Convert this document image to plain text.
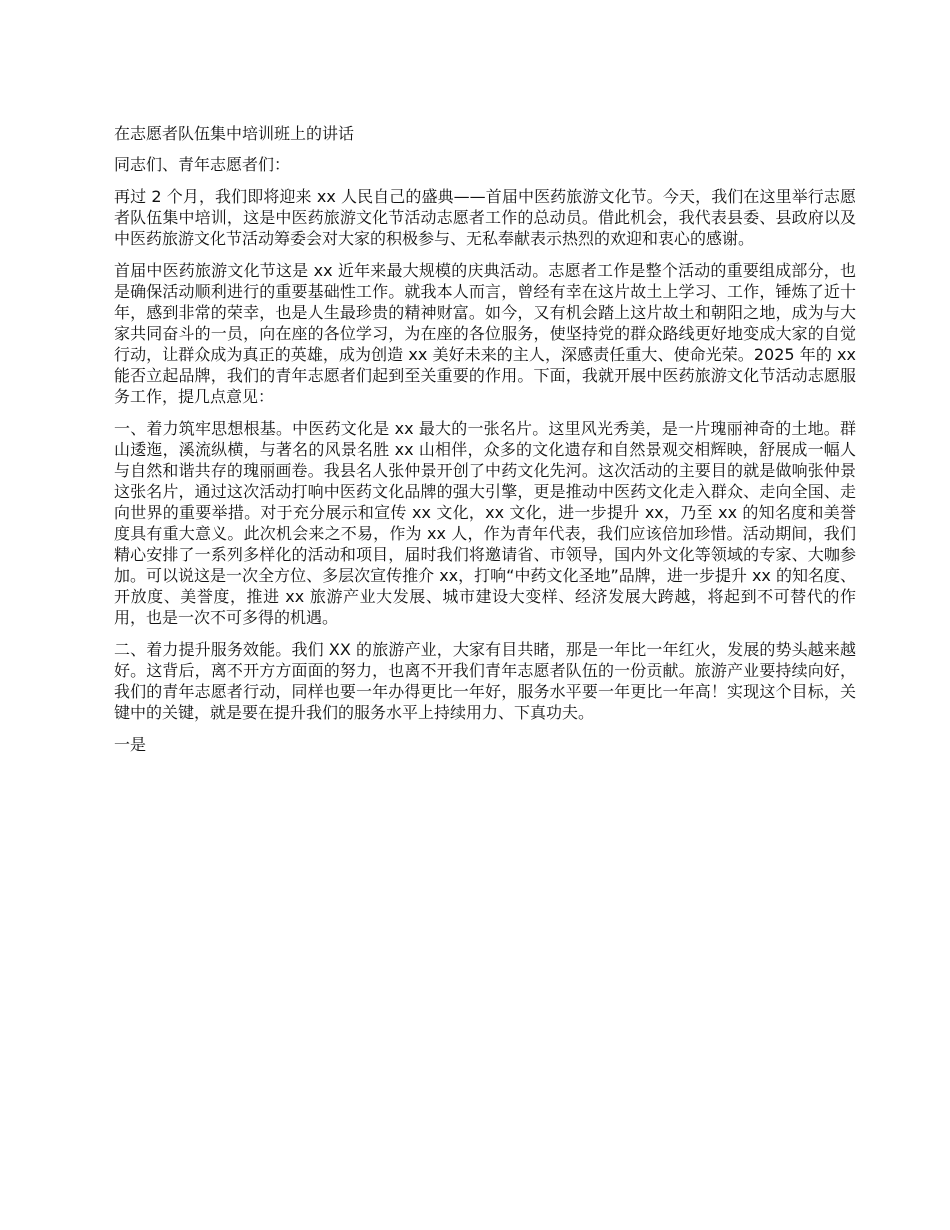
在志愿者队伍集中培训班上的讲话

同志们、青年志愿者们：

再过 2 个月，我们即将迎来 xx 人民自己的盛典——首届中医药旅游文化节。今天，我们在这里举行志愿者队伍集中培训，这是中医药旅游文化节活动志愿者工作的总动员。借此机会，我代表县委、县政府以及中医药旅游文化节活动筹委会对大家的积极参与、无私奉献表示热烈的欢迎和衷心的感谢。

首届中医药旅游文化节这是 xx 近年来最大规模的庆典活动。志愿者工作是整个活动的重要组成部分，也是确保活动顺利进行的重要基础性工作。就我本人而言，曾经有幸在这片故土上学习、工作，锤炼了近十年，感到非常的荣幸，也是人生最珍贵的精神财富。如今，又有机会踏上这片故土和朝阳之地，成为与大家共同奋斗的一员，向在座的各位学习，为在座的各位服务，使坚持党的群众路线更好地变成大家的自觉行动，让群众成为真正的英雄，成为创造 xx 美好未来的主人，深感责任重大、使命光荣。2025 年的 xx 能否立起品牌，我们的青年志愿者们起到至关重要的作用。下面，我就开展中医药旅游文化节活动志愿服务工作，提几点意见：

一、着力筑牢思想根基。中医药文化是 xx 最大的一张名片。这里风光秀美，是一片瑰丽神奇的土地。群山逶迤，溪流纵横，与著名的风景名胜 xx 山相伴，众多的文化遗存和自然景观交相辉映，舒展成一幅人与自然和谐共存的瑰丽画卷。我县名人张仲景开创了中药文化先河。这次活动的主要目的就是做响张仲景这张名片，通过这次活动打响中医药文化品牌的强大引擎，更是推动中医药文化走入群众、走向全国、走向世界的重要举措。对于充分展示和宣传 xx 文化，xx 文化，进一步提升 xx，乃至 xx 的知名度和美誉度具有重大意义。此次机会来之不易，作为 xx 人，作为青年代表，我们应该倍加珍惜。活动期间，我们精心安排了一系列多样化的活动和项目，届时我们将邀请省、市领导，国内外文化等领域的专家、大咖参加。可以说这是一次全方位、多层次宣传推介 xx，打响“中药文化圣地”品牌，进一步提升 xx 的知名度、开放度、美誉度，推进 xx 旅游产业大发展、城市建设大变样、经济发展大跨越，将起到不可替代的作用，也是一次不可多得的机遇。

二、着力提升服务效能。我们 XX 的旅游产业，大家有目共睹，那是一年比一年红火，发展的势头越来越好。这背后，离不开方方面面的努力，也离不开我们青年志愿者队伍的一份贡献。旅游产业要持续向好，我们的青年志愿者行动，同样也要一年办得更比一年好，服务水平要一年更比一年高！实现这个目标，关键中的关键，就是要在提升我们的服务水平上持续用力、下真功夫。

一是
